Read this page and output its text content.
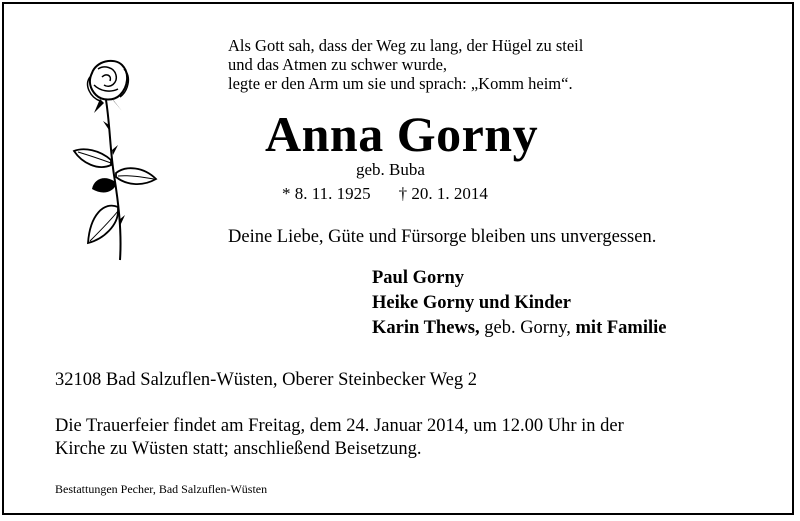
Als Gott sah, dass der Weg zu lang, der Hügel zu steil
und das Atmen zu schwer wurde,
legte er den Arm um sie und sprach: „Komm heim“.
Anna Gorny
geb. Buba
* 8. 11. 1925 † 20. 1. 2014
Deine Liebe, Güte und Fürsorge bleiben uns unvergessen.
Paul Gorny
Heike Gorny und Kinder
Karin Thews, geb. Gorny, mit Familie
32108 Bad Salzuflen-Wüsten, Oberer Steinbecker Weg 2
Die Trauerfeier findet am Freitag, dem 24. Januar 2014, um 12.00 Uhr in der
Kirche zu Wüsten statt; anschließend Beisetzung.
Bestattungen Pecher, Bad Salzuflen-Wüsten
